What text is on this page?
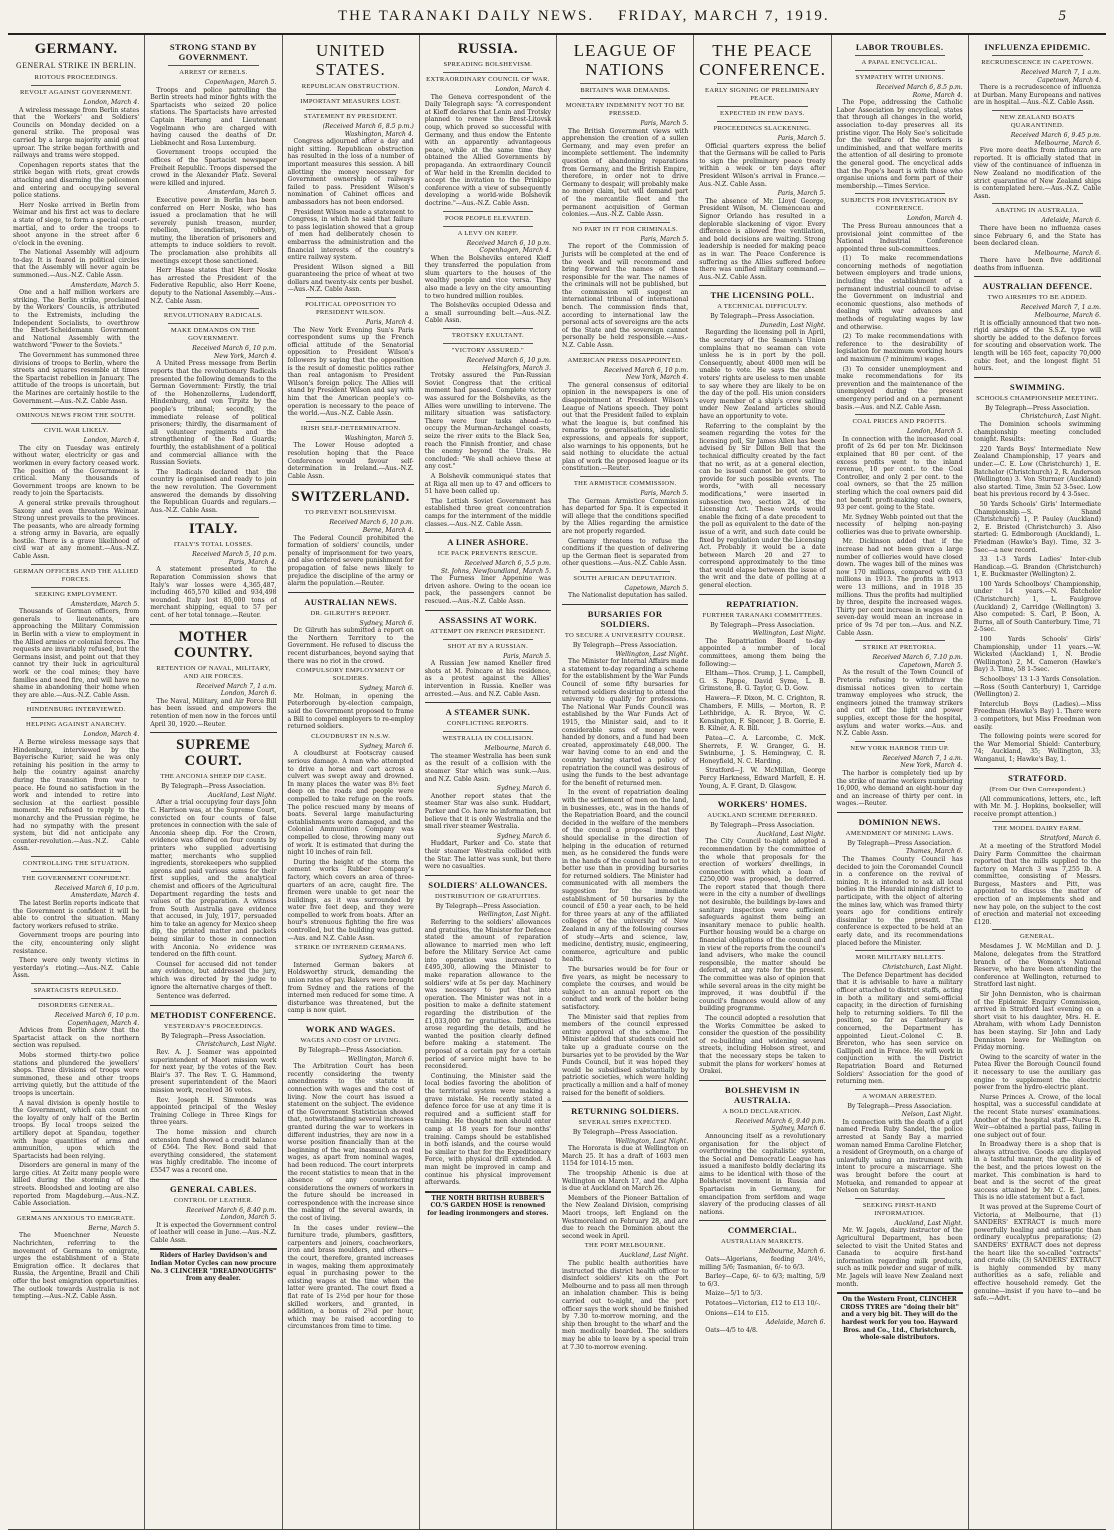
THE TARANAKI DAILY NEWS. FRIDAY, MARCH 7, 1919.	5
GERMANY.
GENERAL STRIKE IN BERLIN.
RIOTOUS PROCEEDINGS.
REVOLT AGAINST GOVERNMENT.
London, March 4.

A wireless message from Berlin states that the Workers' and Soldiers' Councils on Monday decided on a general strike. The proposal was carried by a large majority amid great uproar. The strike began forthwith and railways and trams were stopped.

Copenhagen reports states that the strike began with riots, great crowds attacking and disarming the policemen and entering and occupying several police stations.

Herr Noske arrived in Berlin from Weimar and his first act was to declare a state of siege, to form a special court-martial, and to order the troops to shoot anyone in the street after 6 o'clock in the evening.

The National Assembly will adjourn to-day. It is feared in political circles that the Assembly will never again be summoned.—Aus.-N.Z. Cable Assn.

Amsterdam, March 5.

One and a half million workers are striking. The Berlin strike, proclaimed by the Workers' Councils, is attributed to the Extremists, including the Independent Socialists, to overthrow the Ebert-Scheidemann Government and National Assembly with the watchword "Power to the Soviets."

The Government has summoned three divisions of troops to Berlin, where the streets and squares resemble at times the Spartacist rebellion in January. The attitude of the troops is uncertain, but the Marines are certainly hostile to the Government.—Aus.-N.Z. Cable Assn.

OMINOUS NEWS FROM THE SOUTH.
CIVIL WAR LIKELY.
London, March 4.

The city on Tuesday was entirely without water, electricity or gas and workmen in every factory ceased work. The position of the Government is critical. Many thousands of Government troops are known to be ready to join the Spartacists.

A general strike prevails throughout Saxony and even threatens Weimar. Strong unrest prevails to the provinces. The peasants, who are already forming a strong army in Bavaria, are equally hostile. There is a grave likelihood of civil war at any moment.—Aus.-N.Z. Cable Assn.

GERMAN OFFICERS AND THE ALLIED FORCES.
SEEKING EMPLOYMENT.
Amsterdam, March 5.

Thousands of German officers, from generals to lieutenants, are approaching the Military Commission in Berlin with a view to employment in the Allied armies or colonial forces. The requests are invariably refused, but the Germans insist, and point out that they cannot try their luck in agricultural work or the coal mines; they have families and need fire, and will have no shame in abandoning their home when they are able.—Aus.-N.Z. Cable Assn.

HINDENBURG INTERVIEWED.
HELPING AGAINST ANARCHY.
London, March 4.

A Berne wireless message says that Hindenburg, interviewed by the Bayerische Kurier, said he was only retaining his position in the army to help the country against anarchy during the transition from war to peace. He found no satisfaction in the work and intended to retire into seclusion at the earliest possible moment. He refused to reply to the monarchy and the Prussian régime, he had no sympathy with the present system, but did not anticipate any counter-revolution.—Aus.-N.Z. Cable Assn.

CONTROLLING THE SITUATION.
THE GOVERNMENT CONFIDENT.
Received March 6, 10 p.m.
Amsterdam, March 4.

The latest Berlin reports indicate that the Government is confident it will be able to control the situation. Many factory workers refused to strike.

Government troops are pouring into the city, encountering only slight resistance.

There were only twenty victims in yesterday's rioting.—Aus.-N.Z. Cable Assn.

SPARTACISTS REPULSED.
DISORDERS GENERAL.
Received March 6, 10 p.m.
Copenhagen, March 4.

Advices from Berlin show that the Spartacist attack on the northern section was repulsed.

Mobs stormed thirty-two police stations and plundered the jewellers' shops. Three divisions of troops were summoned, these and other troops arriving quietly, but the attitude of the troops is uncertain.

A naval division is openly hostile to the Government, which can count on the loyalty of only half of the Berlin troops. By local troops seized the artillery depot at Spandau, together with huge quantities of arms and ammunition, upon which the Spartacists had been relying.

Disorders are general in many of the large cities. At Zeitz many people were killed during the storming of the streets. Bloodshed and looting are also reported from Magdeburg.—Aus.-N.Z. Cable Association.

GERMANS ANXIOUS TO EMIGRATE.
Berne, March 5.

The Muenchner Neueste Nachrichten, referring to the movement of Germans to emigrate, urges the establishment of a State Emigration office. It declares that Russia, the Argentine, Brazil and Chili offer the best emigration opportunities. The outlook towards Australia is not tempting.—Aus.-N.Z. Cable Assn.

STRONG STAND BY GOVERNMENT.
ARREST OF REBELS.
Copenhagen, March 5.

Troops and police patrolling the Berlin streets had minor fights with the Spartacists who seized 20 police stations. The Spartacists have arrested Captain Hartung and Lieutenant Vogelmann who are charged with having caused the deaths of Dr. Liebknecht and Rosa Luxemburg.

Government troops occupied the offices of the Spartacist newspaper Freiheit Republic. Troops dispersed the crowd in the Alexander Platz. Several were killed and injured.

Amsterdam, March 5.

Executive power in Berlin has been conferred on Herr Noske, who has issued a proclamation that he will severely punish treason, murder, rebellion, incendiarism, robbery, mutiny, the liberation of prisoners and attempts to induce soldiers to revolt. The proclamation also prohibits all meetings except those sanctioned.

Herr Haase states that Herr Noske has arrested the President of the Federative Republic, also Herr Koene, deputy to the National Assembly.—Aus.-N.Z. Cable Assn.

REVOLUTIONARY RADICALS.
MAKE DEMANDS ON THE GOVERNMENT.
Received March 6, 10 p.m.
New York, March 4.

A United Press message from Berlin reports that the revolutionary Radicals presented the following demands to the German Government: Firstly, the trial of the Hohenzollerns, Ludendorff, Hindenburg, and von Tirpitz by the people's tribunal; secondly, the immediate release of political prisoners; thirdly, the disarmament of all volunteer regiments and the strengthening of the Red Guards; fourthly, the establishment of a political and commercial alliance with the Russian Soviets.

The Radicals declared that the country is organised and ready to join the new revolution. The Government answered the demands by dissolving the Republican Guards and regulars.—Aus.-N.Z. Cable Assn.

ITALY.
ITALY'S TOTAL LOSSES.
Received March 5, 10 p.m.
Paris, March 4.

A statement presented to the Reparation Commission shows that Italy's war losses were 4,365,487, including 465,570 killed and 934,498 wounded. Italy lost 85,000 tons of merchant shipping, equal to 57 per cent. of her total tonnage.—Reuter.

MOTHER COUNTRY.
RETENTION OF NAVAL, MILITARY, AND AIR FORCES.
Received March 7, 1 a.m.
London, March 6.

The Naval, Military, and Air Force Bill has been issued and empowers the retention of men now in the forces until April 30, 1920.—Reuter.

SUPREME COURT.
THE ANCONIA SHEEP DIP CASE.
By Telegraph—Press Association.
Auckland, Last Night.

After a trial occupying four days John C. Harrison was, at the Supreme Court, convicted on four counts of false pretences in connection with the sale of Anconia sheep dip. For the Crown, evidence was offered on four counts by printers who supplied advertising matter, merchants who supplied ingredients, storekeepers who supplied aprons and paid various sums for their first supplies, and the analytical chemist and officers of the Agricultural Department regarding the tests and values of the preparation. A witness from South Australia gave evidence that accused, in July, 1917, persuaded him to take an agency for Mexico sheep dip, the printed matter and packets being similar to those in connection with Anconia. No evidence was tendered on the fifth count.

Counsel for accused did not tender any evidence, but addressed the jury, which was directed by the judge to ignore the alternative charges of theft.

Sentence was deferred.

METHODIST CONFERENCE.
YESTERDAY'S PROCEEDINGS.
By Telegraph—Press Association.
Christchurch, Last Night.

Rev. A. J. Seamer was appointed superintendent of Maori mission work for next year, by the votes of the Rev. Blair's 37. The Rev. T. G. Hammond, present superintendent of the Maori mission work, received 36 votes.

Rev. Joseph H. Simmonds was appointed principal of the Wesley Training College in Three Kings for three years.

The home mission and church extension fund showed a credit balance of £564. The Rev. Bond said that everything considered, the statement was highly creditable. The income of £5547 was a record one.

GENERAL CABLES.
CONTROL OF LEATHER.
Received March 6, 8.40 p.m.
London, March 5.

It is expected the Government control of leather will cease in June.—Aus.-N.Z. Cable Assn.

Riders of Harley Davidson's and Indian Motor Cycles can now procure No. 3 CLINCHER "DREADNOUGHTS" from any dealer.
UNITED STATES.
REPUBLICAN OBSTRUCTION.
IMPORTANT MEASURES LOST.
STATEMENT BY PRESIDENT.
(Received March 6, 8.5 p.m.)
Washington, March 4.

Congress adjourned after a day and night sitting. Republican obstruction has resulted in the loss of a number of important measures this session. A bill allotting the money necessary for Government ownership of railways failed to pass. President Wilson's nomination of Cabinet offices and ambassadors has not been endorsed.

President Wilson made a statement to Congress, in which he said that failure to pass legislation showed that a group of men had deliberately chosen to embarrass the administration and the financial interests of the country's entire railway system.

President Wilson signed a Bill guaranteeing the price of wheat at two dollars and twenty-six cents per bushel.—Aus.-N.Z. Cable Assn.

POLITICAL OPPOSITION TO PRESIDENT WILSON.
Paris, March 4.

The New York Evening Sun's Paris correspondent sums up the French official attitude of the Senatorial opposition to President Wilson's followers by saying that the opposition is the result of domestic politics rather than real antagonism to President Wilson's foreign policy. The Allies will stand by President Wilson and say with him that the American people's co-operation is necessary to the peace of the world.—Aus.-N.Z. Cable Assn.

IRISH SELF-DETERMINATION.
Washington, March 5.

The Lower House adopted a resolution hoping that the Peace Conference would favour self-determination in Ireland.—Aus.-N.Z. Cable Assn.

SWITZERLAND.
TO PREVENT BOLSHEVISM.
Received March 6, 10 p.m.
Berne, March 4.

The Federal Council prohibited the formation of soldiers' councils, under penalty of imprisonment for two years, and also ordered severe punishment for propagation of false news likely to prejudice the discipline of the army or alarm the population.—Reuter.

AUSTRALIAN NEWS.
DR. GILRUTH'S REPORT.
Sydney, March 6.

Dr. Gilruth has submitted a report on the Northern Territory to the Government. He refused to discuss the recent disturbances, beyond saying that there was no riot in the crowd.

COMPULSORY EMPLOYMENT OF SOLDIERS.
Sydney, March 6.

Mr. Holman, in opening the Peterborough by-election campaign, said the Government proposed to frame a Bill to compel employers to re-employ returned soldiers.

CLOUDBURST IN N.S.W.
Sydney, March 6.

A cloudburst at Footscray caused serious damage. A man who attempted to drive a horse and cart across a culvert was swept away and drowned. In many places the water was 8½ feet deep on the roads and people were compelled to take refuge on the roofs. The police rescued many by means of boats. Several large manufacturing establishments were damaged, and the Colonial Ammunition Company was compelled to close, throwing many out of work. It is estimated that during the night 10 inches of rain fell.

During the height of the storm the cement works Rubber Company's factory, which covers an area of three-quarters of an acre, caught fire. The firemen were unable to get near the buildings, as it was surrounded by water five feet deep, and they were compelled to work from boats. After an hour's strenuous fighting the fire was controlled, but the building was gutted.—Aus. and N.Z. Cable Assn.

STRIKE OF INTERNED GERMANS.
Sydney, March 6.

Interned German bakers at Holdsworthy struck, demanding the union rates of pay. Bakers were brought from Sydney and the rations of the interned men reduced for some time. A disturbance was threatened, but the camp is now quiet.

WORK AND WAGES.
WAGES AND COST OF LIVING.
By Telegraph—Press Association.
Wellington, March 6.

The Arbitration Court has been recently considering the twenty amendments to the statute in connection with wages and the cost of living. Now the court has issued a statement on the subject. The evidence of the Government Statistician showed that, notwithstanding several increases granted during the war to workers in different industries, they are now in a worse position financially than at the beginning of the war, inasmuch as real wages, as apart from nominal wages, had been reduced. The court interprets the recent statistics to mean that in the absence of any counteracting considerations the owners of workers in the future should be increased in correspondence with the increase since the making of the several awards, in the cost of living.

In the cases under review—the furniture trade, plumbers, gasfitters, carpenters and joiners, coachworkers, iron and brass moulders, and others—the court, therefore, granted increases in wages, making them approximately equal in purchasing power to the existing wages at the time when the latter were granted. The court fixed a flat rate of 1s 2½d per hour for those skilled workers, and granted, in addition, a bonus of 2¾d per hour, which may be raised according to circumstances from time to time.

RUSSIA.
SPREADING BOLSHEVISM.
EXTRAORDINARY COUNCIL OF WAR.
London, March 4.

The Geneva correspondent of the Daily Telegraph says: "A correspondent at Kieff declares that Lenin and Trotsky planned to renew the Brest-Litovsk coup, which proved so successful with Germany, and thus endow the Entente with an apparently advantageous peace, while at the same time they obtained the Allied Governments by propaganda. An extraordinary Council of War held in the Kremlin decided to accept the invitation to the Prinkipo conference with a view of subsequently developing a world-wide Bolshevik doctrine."—Aus.-N.Z. Cable Assn.

POOR PEOPLE ELEVATED.
A LEVY ON KIEFF.
Received March 6, 10 p.m.
Copenhagen, March 4.

When the Bolsheviks entered Kieff they transferred the population from slum quarters to the houses of the wealthy people and vice versa. They also made a levy on the city amounting to two hundred million roubles.

The Bolsheviks occupied Odessa and a small surrounding belt.—Aus.-N.Z. Cable Assn.

TROTSKY EXULTANT.
"VICTORY ASSURED."
Received March 6, 10 p.m.
Helsingfors, March 3.

Trotsky assured the Pan-Russian Soviet Congress that the critical moment had passed. Complete victory was assured for the Bolsheviks, as the Allies were unwilling to intervene. The military situation was satisfactory. There were four tasks ahead—to occupy the Murman-Archangel coasts, seize the river exits to the Black Sea, reach the Finnish frontier, and chase the enemy beyond the Urals. He concluded: "We shall achieve these at any cost."

A Bolshevik communiqué states that at Riga all men up to 47 and officers to 51 have been called up.

The Lettish Soviet Government has established three great concentration camps for the internment of the middle classes.—Aus.-N.Z. Cable Assn.

A LINER ASHORE.
ICE PACK PREVENTS RESCUE.
Received March 6, 5.5 p.m.
St. Johns, Newfoundland, March 5.

The Furness liner Appenine was driven ashore. Owing to the ocean ice pack, the passengers cannot be rescued.—Aus.-N.Z. Cable Assn.

ASSASSINS AT WORK.
ATTEMPT ON FRENCH PRESIDENT.
SHOT AT BY A RUSSIAN.
Paris, March 5.

A Russian Jew named Kneller fired shots at M. Poincare at his residence, as a protest against the Allies' intervention in Russia. Kneller was arrested.—Aus. and N.Z. Cable Assn.

A STEAMER SUNK.
CONFLICTING REPORTS.
WESTRALIA IN COLLISION.
Melbourne, March 6.

The steamer Westralia has been sunk as the result of a collision with the steamer Star which was sunk.—Aus. and N.Z. Cable Assn.

Sydney, March 6.

Another report states that the steamer Star was also sunk. Huddart, Parker and Co. have no information, but believe that it is only Westralia and the small river steamer Westralia.

Sydney, March 6.

Huddart, Parker and Co. state that their steamer Westralia collided with the Star. The latter was sunk, but there were no casualties.

SOLDIERS' ALLOWANCES.
DISTRIBUTION OF GRATUITIES.
By Telegraph—Press Association.
Wellington, Last Night.

Referring to the soldiers' allowances and gratuities, the Minister for Defence stated the amount of reparation allowance to married men who left before the Military Service Act came into operation was increased to £495,300, allowing the Minister to make reparation allowance to the soldiers' wife at 5s per day. Machinery was necessary to put that into operation. The Minister was not in a position to make a definite statement regarding the distribution of the £1,033,000 for gratuities. Difficulties arose regarding the details, and he wanted the position clearly defined before making a statement. The proposal of a certain pay for a certain period of service might have to be reconsidered.

Continuing, the Minister said the local bodies favoring the abolition of the territorial system were making a grave mistake. He recently stated a defence force for use at any time it is required and a sufficient staff for training. He thought men should enter camp at 18 years for four months' training. Camps should be established in both islands, and the course would be similar to that for the Expeditionary Force, with physical drill extended. A man might be improved in camp and continue his physical improvement afterwards.

THE NORTH BRITISH RUBBER'S CO.'S GARDEN HOSE is renowned for leading ironmongers and stores.
LEAGUE OF NATIONS
BRITAIN'S WAR DEMANDS.
MONETARY INDEMNITY NOT TO BE PRESSED.
Paris, March 5.

The British Government views with apprehension the creation of a sullen Germany, and may even prefer an incomplete settlement. The indemnity question of abandoning reparations from Germany, and the British Empire, therefore, in order not to drive Germany to despair, will probably make no money claim, but will demand part of the mercantile fleet and the permanent acquisition of German colonies.—Aus.-N.Z. Cable Assn.

NO PART IN IT FOR CRIMINALS.
Paris, March 5.

The report of the Commission of Jurists will be completed at the end of the week and will recommend and bring forward the names of those responsible for the war. The names of the criminals will not be published, but the commission will suggest an international tribunal of international bench. The commission finds that, according to international law the personal acts of sovereigns are the acts of the State and the sovereign cannot personally be held responsible.—Aus.-N.Z. Cable Assn.

AMERICAN PRESS DISAPPOINTED.
Received March 6, 10 p.m.
New York, March 4.

The general consensus of editorial opinion in the newspapers is one of disappointment at President Wilson's League of Nations speech. They point out that the President failed to explain what the league is, but confined his remarks to generalisations, idealistic expressions, and appeals for support, also warnings to his opponents, but he said nothing to elucidate the actual plan of work the proposed league or its constitution.—Reuter.

THE ARMISTICE COMMISSION.
Paris, March 5.

The German Armistice Commission has departed for Spa. It is expected it will allege that the conditions specified by the Allies regarding the armistice are not properly regarded.

Germany threatens to refuse the conditions if the question of delivering up the German fleet is separated from other questions.—Aus.-N.Z. Cable Assn.

SOUTH AFRICAN DEPUTATION.
Capetown, March 5.

The Nationalist deputation has sailed.

BURSARIES FOR SOLDIERS.
TO SECURE A UNIVERSITY COURSE.
By Telegraph—Press Association.
Wellington, Last Night.

The Minister for Internal Affairs made a statement to-day regarding a scheme for the establishment by the War Funds Council of some fifty bursaries for returned soldiers desiring to attend the university to qualify for professions. The National War Funds Council was established by the War Funds Act of 1915, the Minister said, and to it considerable sums of money were handed by donors, and a fund had been created, approximately £48,000. The war having come to an end and the country having started a policy of repatriation the council was desirous of using the funds to the best advantage for the benefit of returned men.

In the event of repatriation dealing with the settlement of men on the land, in businesses, etc., was in the hands of the Repatriation Board, and the council decided in the welfare of the members of the council a proposal that they should specialise in the direction of helping in the education of returned men, as he considered the funds were in the hands of the council had to not to better use than in providing bursaries for returned soldiers. The Minister had communicated with all members the suggestion for the immediate establishment of 50 bursaries by the council of £50 a year each, to be held for three years at any of the affiliated colleges of the university of New Zealand in any of the following courses of study—Arts and science, law, medicine, dentistry, music, engineering, commerce, agriculture and public health.

The bursaries would be for four or five years, as might be necessary to complete the courses, and would be subject to an annual report on the conduct and work of the holder being satisfactory.

The Minister said that replies from members of the council expressed entire approval of the scheme. The Minister added that students could not take up a graduate course on the bursaries yet to be provided by the War Funds Council, but it was hoped they would be subsidised substantially by patriotic societies, which were holding practically a million and a half of money raised for the benefit of soldiers.

RETURNING SOLDIERS.
SEVERAL SHIPS EXPECTED.
By Telegraph—Press Association.
Wellington, Last Night.

The Hororata is due at Wellington on March 25. It has a draft of 1603 men 1154 for 1014-15 men.

The troopship Athenic is due at Wellington on March 17, and the Alpha is due at Auckland on March 26.

Members of the Pioneer Battalion of the New Zealand Division, comprising Maori troops, left England on the Westmoreland on February 28, and are due to reach the Dominion about the second week in April.

THE PORT MELBOURNE.
Auckland, Last Night.

The public health authorities have instructed the district health officer to disinfect soldiers' kits on the Port Melbourne and to pass all men through an inhalation chamber. This is being carried out to-night, and the port officer says the work should be finished by 7.30 to-morrow morning, and the ship then brought to the wharf and the men medically boarded. The soldiers may be able to leave by a special train at 7.30 to-morrow evening.

THE PEACE CONFERENCE.
EARLY SIGNING OF PRELIMINARY PEACE.
EXPECTED IN FEW DAYS.
PROCEEDINGS SLACKENING.
Paris, March 5.

Official quarters express the belief that the Germans will be called to Paris to sign the preliminary peace treaty within a week or ten days after President Wilson's arrival in France.—Aus.-N.Z. Cable Assn.

Paris, March 5.

The absence of Mr. Lloyd George, President Wilson, M. Clemenceau and Signor Orlando has resulted in a deplorable slackening of vigor. Every difference is allowed free ventilation, and bold decisions are waiting. Strong leadership is needed for making peace as in war. The Peace Conference is suffering as the Allies suffered before there was unified military command.—Aus.-N.Z. Cable Assn.

THE LICENSING POLL.
A TECHNICAL DIFFICULTY.
By Telegraph—Press Association.
Dunedin, Last Night.

Regarding the licensing poll in April, the secretary of the Seamen's Union complains that no seaman can vote unless he is in port by the poll. Consequently, about 4000 men will be unable to vote. He says the absent voters' rights are useless to men unable to say where they are likely to be on the day of the poll. His union considers every member of a ship's crew sailing under New Zealand articles should have an opportunity to vote.

Referring to the complaint by the seamen regarding the votes for the licensing poll, Sir James Allen has been advised by Sir Dillon Bell that the technical difficulty created by the fact that no writ, as at a general election, can be issued cannot be got over to provide for such possible events. The words, "with all necessary modifications," were inserted in subsection two, section 24, of the Licensing Act. These words would enable the fixing of a date precedent to the poll as equivalent to the date of the issue of a writ, and such date could be fixed by regulation under the Licensing Act. Probably it would be a date between March 20 and 27 to correspond approximately to the time that would elapse between the issue of the writ and the date of polling at a general election.

REPATRIATION.
FURTHER TARANAKI COMMITTEES.
By Telegraph—Press Association.
Wellington, Last Night.

The Repatriation Board to-day appointed a number of local committees, among them being the following:—

Eltham—Thos. Crump, J. L. Campbell, G. S. Pappe, David Syme, L. B. Grimstone, B. G. Taylor, G. D. Gow.

Hawera—F. Dixon, M. C. Crighton, R. Chambers, F. Mills, — Morton, R. P. Lethbridge, A. R. Bryce, W. C. Kensington, F. Spencer, J. B. Gorrie, E. B. Kilner, A. R. Bill.

Patea—C. A. Larcombe, C. McK. Sherrets, F. W. Granger, G. H. Swinburne, J. S. Hemingway, C. R. Honeyfield, N. C. Harding.

Stratford—J. W. McMillan, George Percy Harkness, Edward Marfell, E. H. Young, A. F. Grant, D. Glasgow.

WORKERS' HOMES.
AUCKLAND SCHEME DEFERRED.
By Telegraph—Press Association.
Auckland, Last Night.

The City Council to-night adopted a recommendation by the committee of the whole that proposals for the erection of workers' dwellings, in connection with which a loan of £250,000 was proposed, be deferred. The report stated that though there were in the city a number of dwellings not desirable, the buildings by-laws and sanitary inspection were sufficient safeguards against them being an insanitary menace to public health. Further housing would be a charge on financial obligations of the council and in view of the reports from the council's land advisers, who make the council responsible, the matter should be deferred, at any rate for the present. The committee was also of opinion that while several areas in the city might be improved, it was doubtful if the council's finances would allow of any building programme.

The council adopted a resolution that the Works Committee be asked to consider the question of the possibility of re-building and widening several streets, including Hobson street, and that the necessary steps be taken to submit the plans for workers' homes at Orakei.

BOLSHEVISM IN AUSTRALIA.
A BOLD DECLARATION.
Received March 6, 9.40 p.m.
Sydney, March 6.

Announcing itself as a revolutionary organisation for the object of overthrowing the capitalistic system, the Social and Democratic League has issued a manifesto boldly declaring its aims to be identical with those of the Bolshevist movement in Russia and Spartacism in Germany, for emancipation from serfdom and wage slavery of the producing classes of all nations.

COMMERCIAL.
AUSTRALIAN MARKETS.
Melbourne, March 6.

Oats—Algerians, feeding 3/4½, milling 5/6; Tasmanian, 6/- to 6/3.

Barley—Cape, 6/- to 6/3; malting, 5/9 to 6/3.

Maize—5/1 to 5/3.

Potatoes—Victorian, £12 to £13 10/-.

Onions—£14 to £15.

Adelaide, March 6.

Oats—4/5 to 4/8.

LABOR TROUBLES.
A PAPAL ENCYCLICAL.
SYMPATHY WITH UNIONS.
Received March 6, 8.5 p.m.
Rome, March 4.

The Pope, addressing the Catholic Labor Association by encyclical, states that through all changes in the world, association to-day preserves all its pristine vigor. The Holy See's solicitude for the welfare of the workers is undiminished, and that welfare merits the attention of all desiring to promote the general good. The encyclical adds that the Pope's heart is with those who organise unions and form part of their membership.—Times Service.

SUBJECTS FOR INVESTIGATION BY CONFERENCE.
London, March 4.

The Press Bureau announces that a provisional joint committee of the National Industrial Conference appointed three sub-committees.

(1) To make recommendations concerning methods of negotiation between employers and trade unions, including the establishment of a permanent industrial council to advise the Government on industrial and economic questions, also methods of dealing with war advances and methods of regulating wages by law and otherwise.

(2) To make recommendations with reference to the desirability of legislation for maximum working hours and maximum (? minimum) wages.

(3) To consider unemployment and make recommendations for its prevention and the maintenance of the unemployed during the present emergency period and on a permanent basis.—Aus. and N.Z. Cable Assn.

COAL PRICES AND PROFITS.
London, March 5.

In connection with the increased coal profit of 2s 6d per ton Mr. Dickinson explained that 80 per cent. of the excess profits went to the inland revenue, 10 per cent. to the Coal Controller, and only 2 per cent. to the coal owners, so that the 25 million sterling which the coal owners paid did not benefit profit-making coal owners, 93 per cent. going to the State.

Mr. Sydney Webb pointed out that the necessity of helping non-paying collieries was due to private ownership.

Mr. Dickinson added that if the increase had not been given a large number of collieries would have closed down. The wages bill of the mines was now 170 millions, compared with 63 millions in 1913. The profits in 1913 were 13 millions, and in 1918 35 millions. Thus the profits had multiplied by three, despite the increased wages. Thirty per cent increase in wages and a seven-day would mean an increase in price of 9s 7d per ton.—Aus. and N.Z. Cable Assn.

STRIKE AT PRETORIA.
Received March 6, 7.10 p.m.
Capetown, March 5.

As the result of the Town Council of Pretoria refusing to withdraw the dismissal notices given to certain tramway employees who struck, the engineers joined the tramway strikers and cut off the light and power supplies, except those for the hospital, asylum and water works.—Aus. and N.Z. Cable Assn.

NEW YORK HARBOR TIED UP.
Received March 7, 1 a.m.
New York, March 4.

The harbor is completely tied up by the strike of marine workers numbering 16,000, who demand an eight-hour day and an increase of thirty per cent. in wages.—Reuter.

DOMINION NEWS.
AMENDMENT OF MINING LAWS.
By Telegraph—Press Association.
Thames, March 6.

The Thames County Council has decided to join the Coromandel Council in a conference on the revival of mining. It is intended to ask all local bodies in the Hauraki mining district to participate, with the object of altering the mines law, which was framed thirty years ago for conditions entirely dissimilar to the present. The conference is expected to be held at an early date, and its recommendations placed before the Minister.

MORE MILITARY BILLETS.
Christchurch, Last Night.

The Defence Department has decided that it is advisable to have a military officer attached to district staffs, acting in both a military and semi-official capacity, in the direction of furnishing help to returning soldiers. To fill the position, so far as Canterbury is concerned, the Department has appointed Lieut.-Colonel C. B. Brereton, who has seen service on Gallipoli and in France. He will work in conjunction with the District Repatriation Board and Returned Soldiers' Association for the good of returning men.

A WOMAN ARRESTED.
By Telegraph—Press Association.
Nelson, Last Night.

In connection with the death of a girl named Freda Ruby Sandel, the police arrested at Sandy Bay a married woman named Emma Caroline Fletcher, a resident of Greymouth, on a charge of unlawfully using an instrument with intent to procure a miscarriage. She was brought before the court at Motueka, and remanded to appear at Nelson on Saturday.

SEEKING FIRST-HAND INFORMATION.
Auckland, Last Night.

Mr. W. Jagels, dairy instructor of the Agricultural Department, has been selected to visit the United States and Canada to acquire first-hand information regarding milk products, such as milk powder and sugar of milk. Mr. Jagels will leave New Zealand next month.

On the Western Front, CLINCHER CROSS TYRES are "doing their bit" and a very big bit. They will do the hardest work for you too. Hayward Bros. and Co., Ltd., Christchurch, whole-sale distributors.
INFLUENZA EPIDEMIC.
RECRUDESCENCE IN CAPETOWN.
Received March 7, 1 a.m.
Capetown, March 4.

There is a recrudescence of influenza at Durban. Many Europeans and natives are in hospital.—Aus.-N.Z. Cable Assn.

NEW ZEALAND BOATS QUARANTINED.
Received March 6, 9.45 p.m.
Melbourne, March 6.

Five more deaths from influenza are reported. It is officially stated that in view of the continuance of influenza in New Zealand no modification of the strict quarantine of New Zealand ships is contemplated here.—Aus.-N.Z. Cable Assn.

ABATING IN AUSTRALIA.
Adelaide, March 6.

There have been no influenza cases since February 6, and the State has been declared clean.

Melbourne, March 6.

There have been five additional deaths from influenza.

AUSTRALIAN DEFENCE.
TWO AIRSHIPS TO BE ADDED.
Received March 7, 1 a.m.
Melbourne, March 6.

It is officially announced that two non-rigid airships of the S.S.Z. type will shortly be added to the defence forces for scouting and observation work. The length will be 165 feet, capacity 70,000 cubic feet, and the longest flight 51 hours.

SWIMMING.
SCHOOLS CHAMPIONSHIP MEETING.
By Telegraph—Press Association.
Christchurch, Last Night.

The Dominion schools swimming championship meeting concluded tonight. Results:

220 Yards Boys' Intermediate New Zealand Championship, 17 years and under.—C. E. Low (Christchurch) 1, E. Batchelor (Christchurch) 2, R. Anderson (Wellington) 3. Von Sturmer (Auckland) also started. Time, 3min 52 3-5sec. Low beat his previous record by 4 3-5sec.

50 Yards Schools' Girls' Intermediate Championship.—S. Shand (Christchurch) 1, P. Pauley (Auckland) 2, E. Bristed (Christchurch) 3. Also started: G. Edmborough (Auckland), L. Friedman (Hawke's Bay). Time, 32 3-5sec—a new record.

33 1-3 Yards Ladies' Inter-club Handicap.—G. Brandon (Christchurch) 1, E. Buckmaster (Wellington) 2.

100 Yards Schoolboys' Championship, under 14 years.—N. Batchelor (Christchurch) 1, L. Faulgrove (Auckland) 2, Carridge (Wellington) 3. Also competed: S. Carl, P. Boon, A. Burns, all of South Canterbury. Time, 71 2-5sec.

100 Yards Schools' Girls' Championship, under 11 years.—W. Wicksted (Auckland) 1, N. Brodie (Wellington) 2, M. Cameron (Hawke's Bay) 3. Time, 58 1-5sec.

Schoolboys' 13 1-3 Yards Consolation.—Ross (South Canterbury) 1, Carridge (Wellington) 2.

Interclub Boys (Ladies).—Miss Freedman (Hawke's Bay) 1. There were 3 competitors, but Miss Freedman won easily.

The following points were scored for the War Memorial Shield: Canterbury, 74; Auckland, 35; Wellington, 33; Wanganui, 1; Hawke's Bay, 1.

STRATFORD.
(From Our Own Correspondent.)

(All communications, letters, etc., left with Mr. M. J. Hopkins, bookseller, will receive prompt attention.)

THE MODEL DAIRY FARM.
Stratford, March 6.

At a meeting of the Stratford Model Dairy Farm Committee the chairman reported that the mills supplied to the factory on March 3 was 7,255 lb. A committee, consisting of Messrs. Burgess, Masters and Pitt, was appointed to discuss the matter of erection of an implements shed and new hay pole, on the subject to the cost of erection and material not exceeding £120.

GENERAL.

Mesdames J. W. McMillan and D. J. Malone, delegates from the Stratford branch of the Women's National Reserve, who have been attending the conference at Wellington, returned to Stratford last night.

Sir John Denniston, who is chairman of the Epidemic Enquiry Commission, arrived in Stratford last evening on a short visit to his daughter, Mrs. H. E. Abraham, with whom Lady Denniston has been staying. Sir John and Lady Denniston leave for Wellington on Friday morning.

Owing to the scarcity of water in the Patea River the Borough Council found it necessary to use the auxiliary gas engine to supplement the electric power from the hydro-electric plant.

Nurse Princes A. Crowe, of the local hospital, was a successful candidate at the recent State nurses' examinations. Another of the hospital staff—Nurse R. Weir—obtained a partial pass, failing in one subject out of four.

In Broadway there is a shop that is always attractive. Goods are displayed in a tasteful manner, the quality is of the best, and the prices lowest on the market. This combination is hard to beat and is the secret of the great success attained by Mr. C. E. James. This is no idle statement but a fact.

It was proved at the Supreme Court of Victoria, at Melbourne, that (1) SANDERS' EXTRACT is much more powerfully healing and antiseptic than ordinary eucalyptus preparations; (2) SANDERS' EXTRACT does not depress the heart like the so-called "extracts" and crude oils; (3) SANDERS' EXTRACT is highly commended by many authorities as a safe, reliable and effective household remedy. Get the genuine—insist if you have to—and be safe.—Advt.
